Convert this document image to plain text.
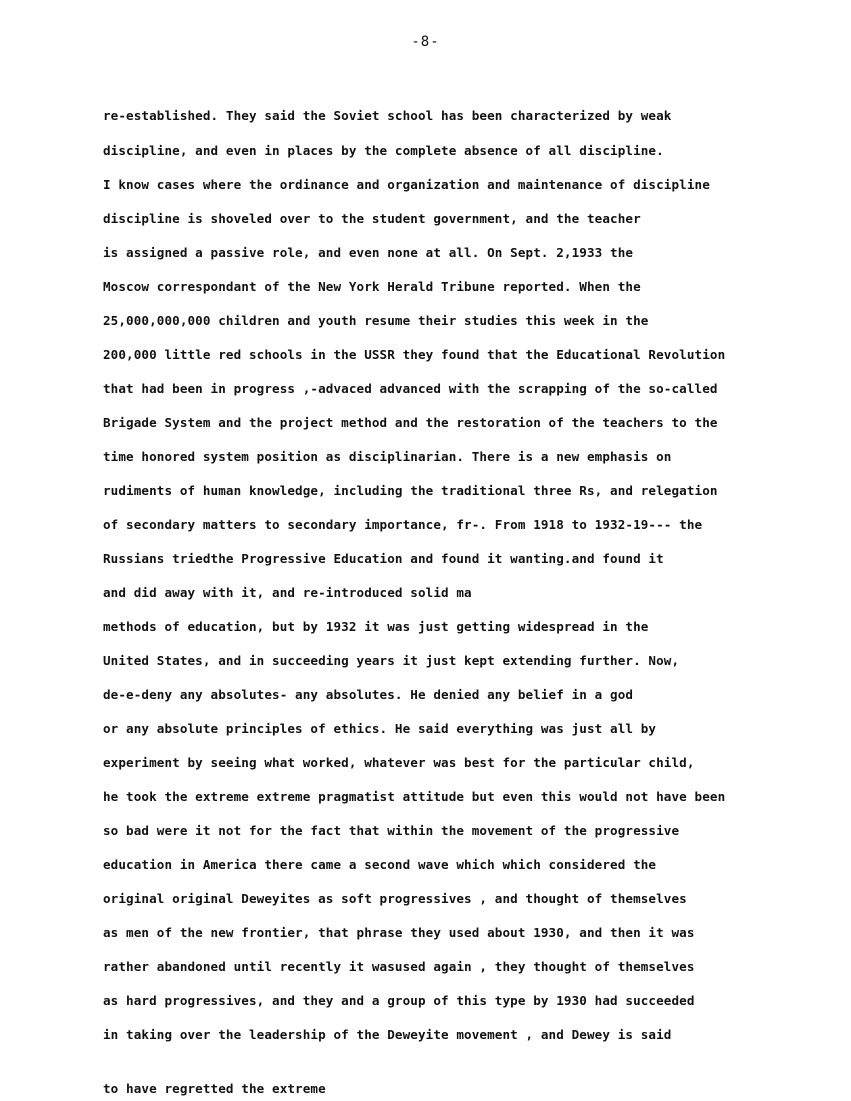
-8-
re-established. They said the Soviet school has been characterized by weak
discipline, and even in places by the complete absence of all discipline.
I know cases where the ordinance and organization and maintenance of discipline
discipline is shoveled over to the student government, and the teacher
is assigned a passive role, and even none at all. On Sept. 2,1933 the
Moscow correspondant of the New York Herald Tribune reported. When the
25,000,000,000 children and youth resume their studies this week in the
200,000 little red schools in the USSR they found that the Educational Revolution
that had been in progress ,-advaced advanced with the scrapping of the so-called
Brigade System and the project method and the restoration of the teachers to the
time honored system position as disciplinarian. There is a new emphasis on
rudiments of human knowledge, including the traditional three Rs, and relegation
of secondary matters to secondary importance, fr-. From 1918 to 1932-19--- the
Russians triedthe Progressive Education and found it wanting.and found it
and did away with it, and re-introduced solid ma
methods of education, but by 1932 it was just getting widespread in the
United States, and in succeeding years it just kept extending further. Now,
de-e-deny any absolutes- any absolutes. He denied any belief in a god
or any absolute principles of ethics. He said everything was just all by
experiment by seeing what worked, whatever was best for the particular child,
he took the extreme extreme pragmatist attitude but even this would not have been
so bad were it not for the fact that within the movement of the progressive
education in America there came a second wave which which considered the
original original Deweyites as soft progressives , and thought of themselves
as men of the new frontier, that phrase they used about 1930, and then it was
rather abandoned until recently it wasused again , they thought of themselves
as hard progressives, and they and a group of this type by 1930 had succeeded
in taking over the leadership of the Deweyite movement , and Dewey is said
to have regretted the extreme
